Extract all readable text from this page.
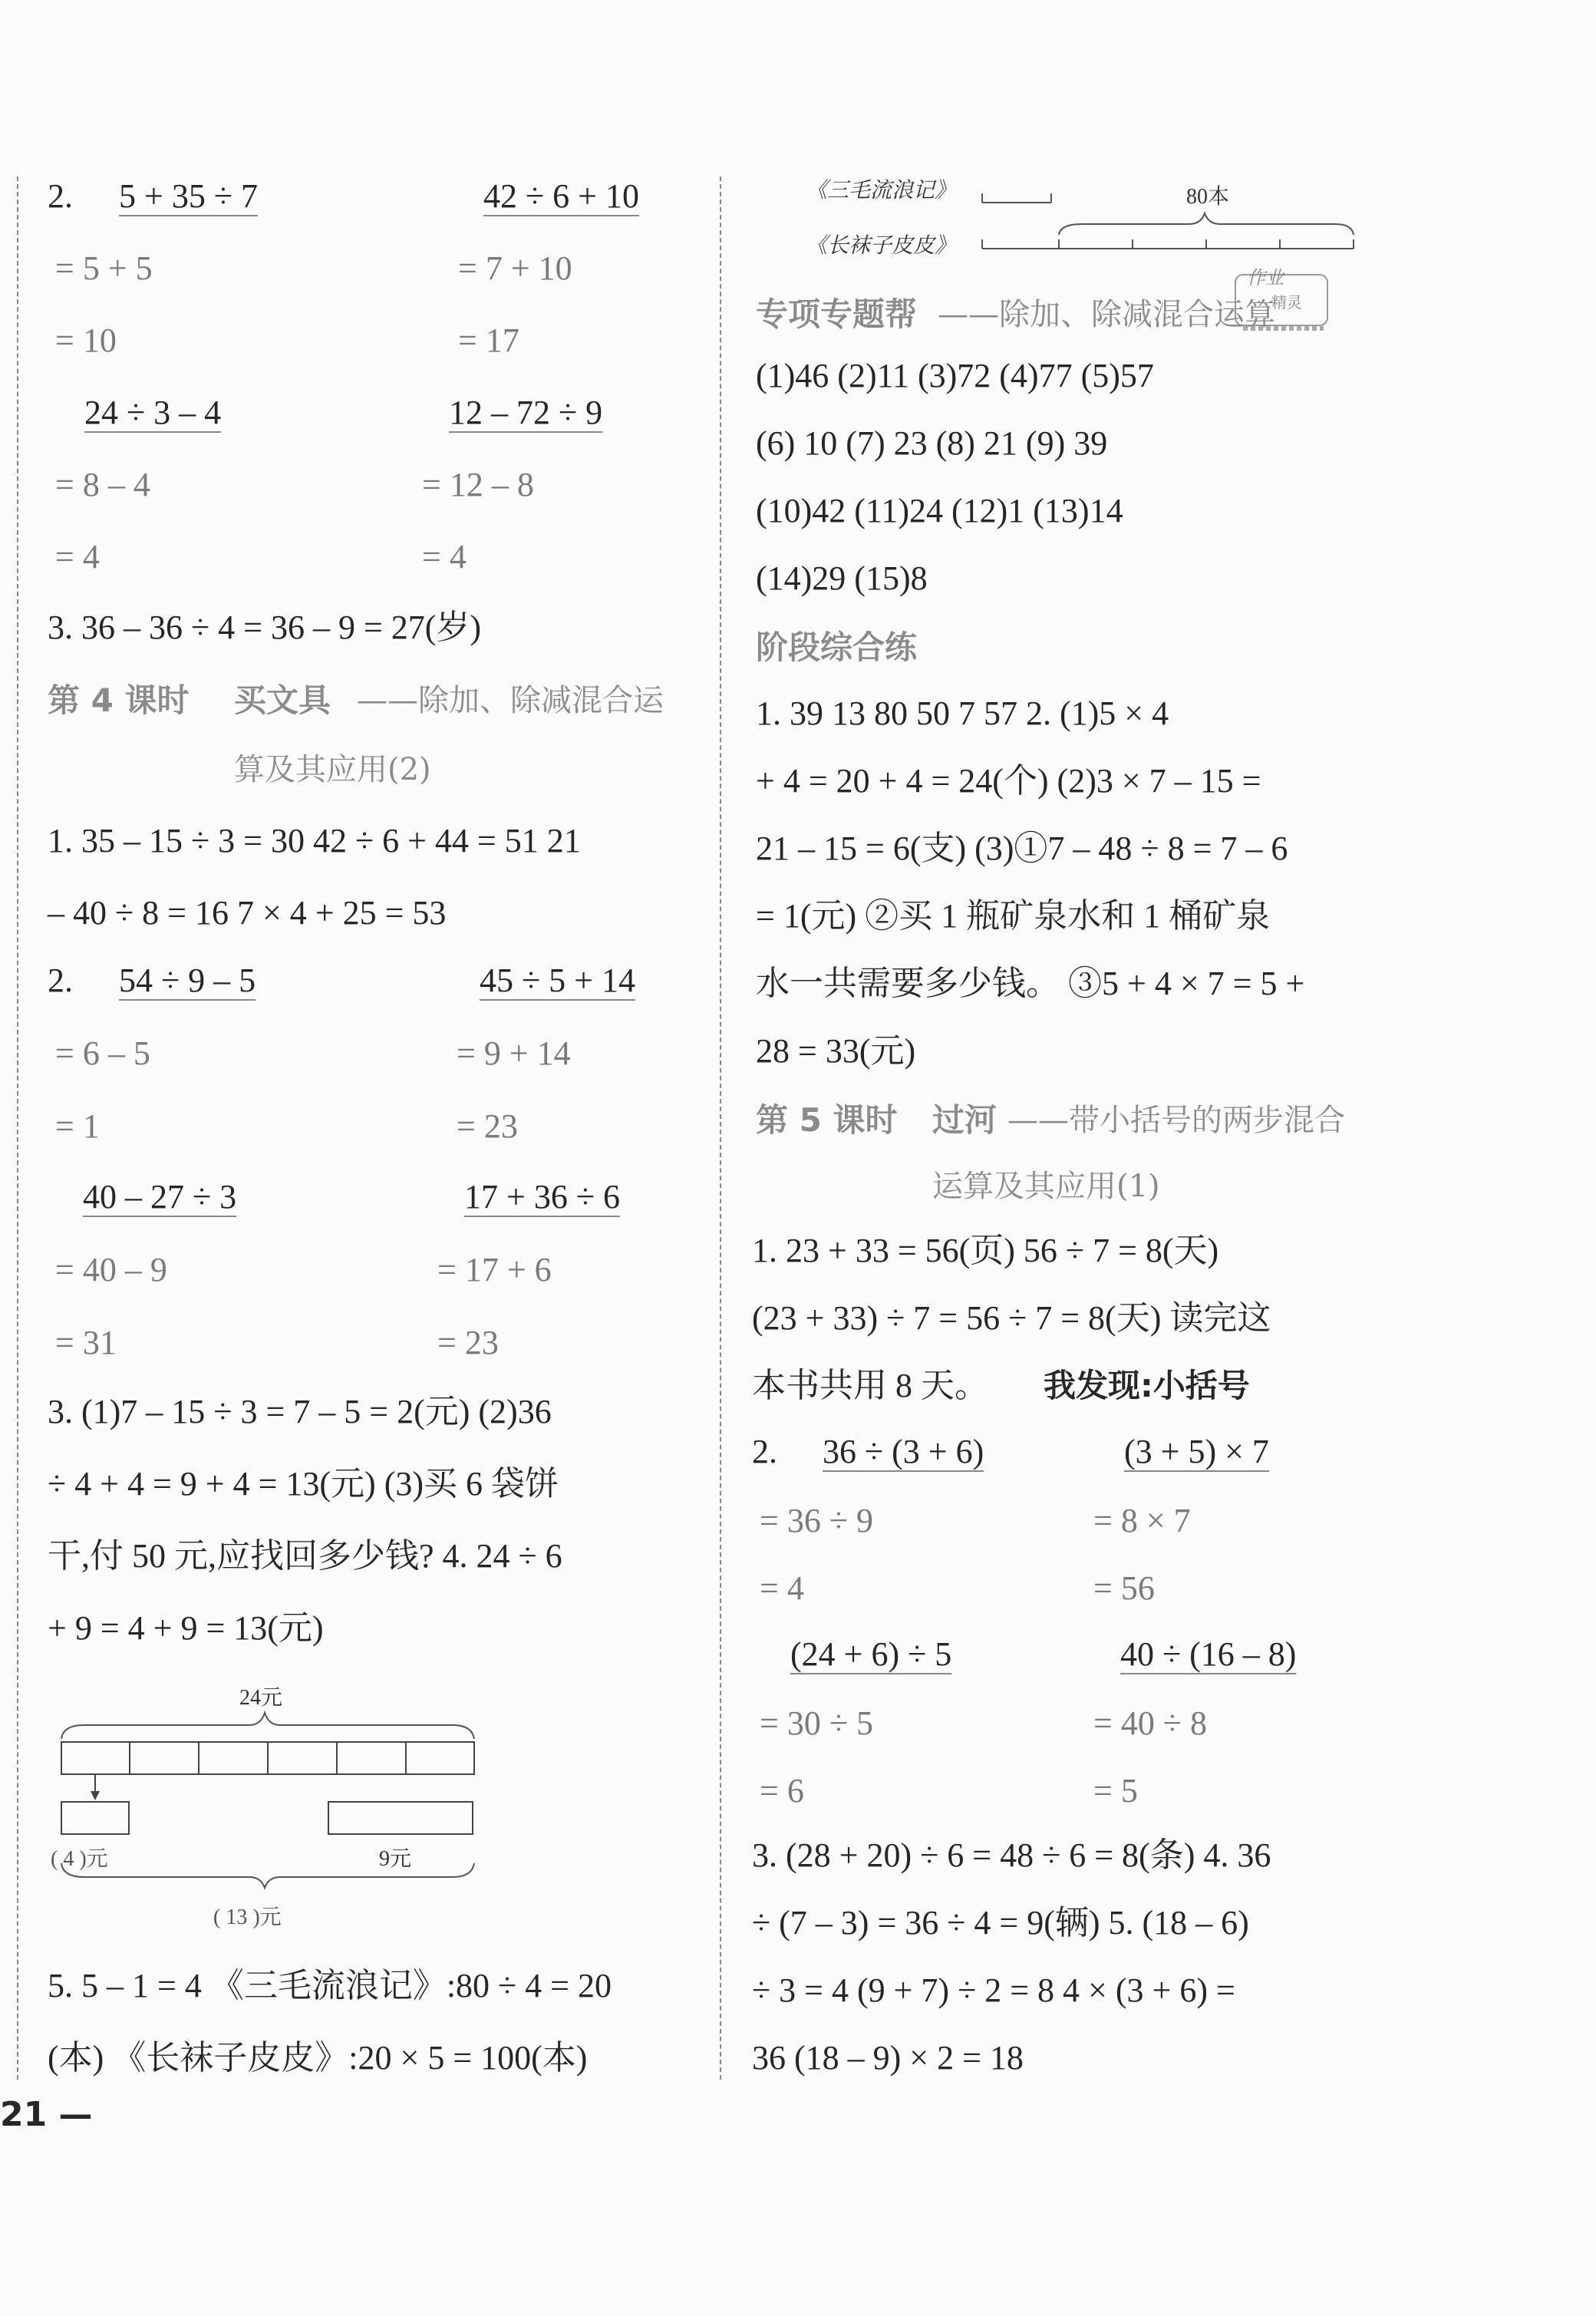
2. 5 + 35 ÷ 7	42 ÷ 6 + 10
= 5 + 5	= 7 + 10
= 10	= 17
24 ÷ 3 – 4	12 – 72 ÷ 9
= 8 – 4	= 12 – 8
= 4	= 4
3. 36 – 36 ÷ 4 = 36 – 9 = 27(岁)
第 4 课时 买文具 ——除加、除减混合运
算及其应用(2)
1. 35 – 15 ÷ 3 = 30 42 ÷ 6 + 44 = 51 21
– 40 ÷ 8 = 16 7 × 4 + 25 = 53
2. 54 ÷ 9 – 5	45 ÷ 5 + 14
= 6 – 5	= 9 + 14
= 1	= 23
40 – 27 ÷ 3	17 + 36 ÷ 6
= 40 – 9	= 17 + 6
= 31	= 23
3. (1)7 – 15 ÷ 3 = 7 – 5 = 2(元) (2)36
÷ 4 + 4 = 9 + 4 = 13(元) (3)买 6 袋饼
干,付 50 元,应找回多少钱? 4. 24 ÷ 6
+ 9 = 4 + 9 = 13(元)
24元
( 4 )元	9元
( 13 )元
5. 5 – 1 = 4 《三毛流浪记》:80 ÷ 4 = 20
(本) 《长袜子皮皮》:20 × 5 = 100(本)
21 —
《三毛流浪记》
《长袜子皮皮》
80本
作业
精灵
专项专题帮 ——除加、除减混合运算
(1)46 (2)11 (3)72 (4)77 (5)57
(6) 10 (7) 23 (8) 21 (9) 39
(10)42 (11)24 (12)1 (13)14
(14)29 (15)8
阶段综合练
1. 39 13 80 50 7 57 2. (1)5 × 4
+ 4 = 20 + 4 = 24(个) (2)3 × 7 – 15 =
21 – 15 = 6(支) (3)①7 – 48 ÷ 8 = 7 – 6
= 1(元) ②买 1 瓶矿泉水和 1 桶矿泉
水一共需要多少钱。 ③5 + 4 × 7 = 5 +
28 = 33(元)
第 5 课时 过河 ——带小括号的两步混合
运算及其应用(1)
1. 23 + 33 = 56(页) 56 ÷ 7 = 8(天)
(23 + 33) ÷ 7 = 56 ÷ 7 = 8(天) 读完这
本书共用 8 天。 我发现:小括号
2. 36 ÷ (3 + 6)	(3 + 5) × 7
= 36 ÷ 9	= 8 × 7
= 4	= 56
(24 + 6) ÷ 5	40 ÷ (16 – 8)
= 30 ÷ 5	= 40 ÷ 8
= 6	= 5
3. (28 + 20) ÷ 6 = 48 ÷ 6 = 8(条) 4. 36
÷ (7 – 3) = 36 ÷ 4 = 9(辆) 5. (18 – 6)
÷ 3 = 4 (9 + 7) ÷ 2 = 8 4 × (3 + 6) =
36 (18 – 9) × 2 = 18
